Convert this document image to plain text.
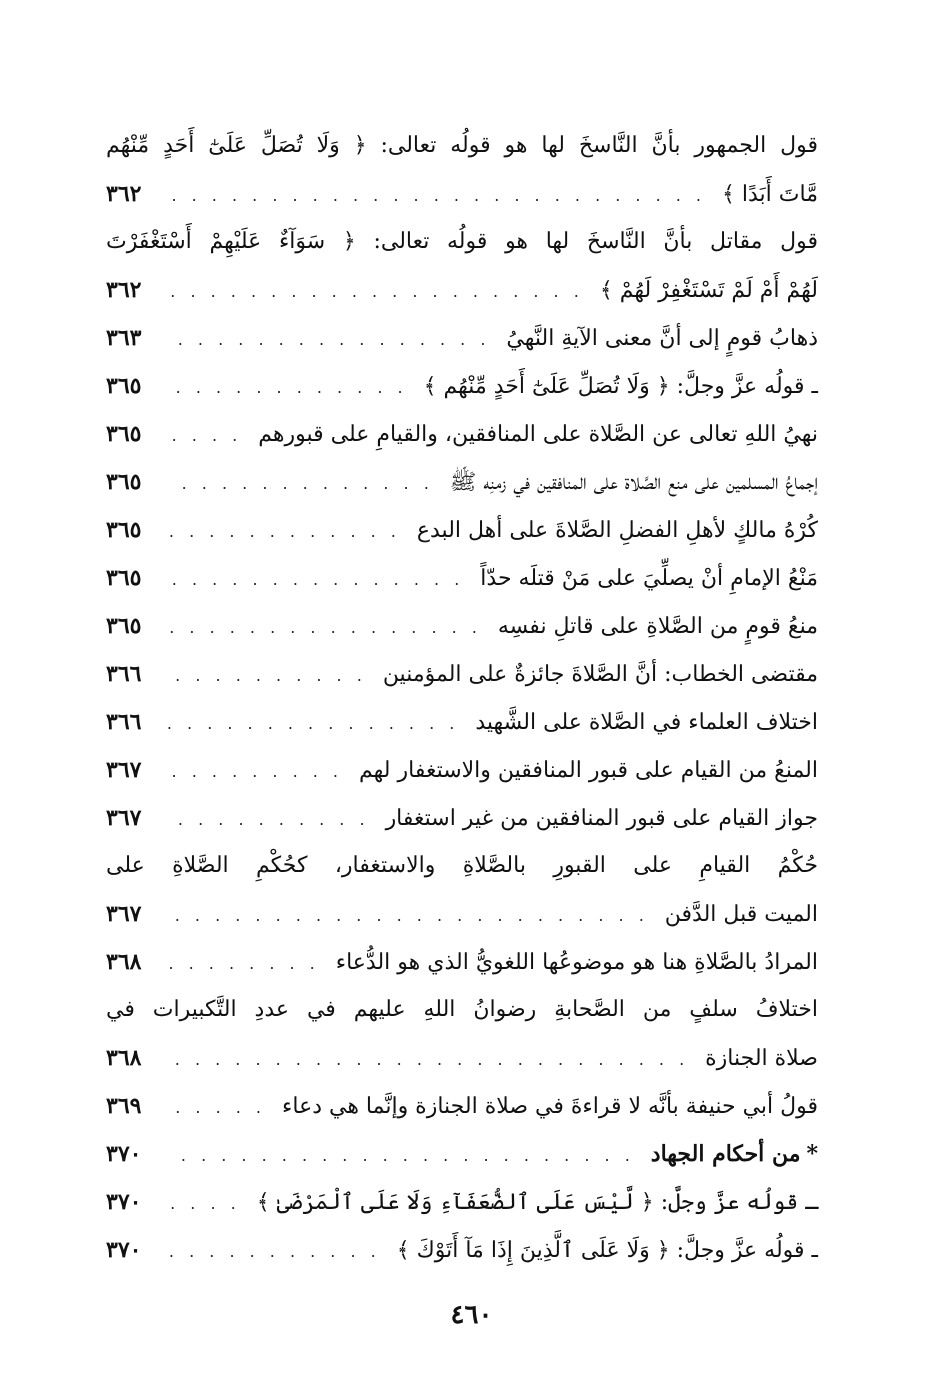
قول الجمهور بأنَّ النَّاسخَ لها هو قولُه تعالى: ﴿ وَلَا تُصَلِّ عَلَىٰٓ أَحَدٍ مِّنْهُم
مَّاتَ أَبَدًا ﴾
. . .
٣٦٢
قول مقاتل بأنَّ النَّاسخَ لها هو قولُه تعالى: ﴿ سَوَآءٌ عَلَيْهِمْ أَسْتَغْفَرْتَ
لَهُمْ أَمْ لَمْ تَسْتَغْفِرْ لَهُمْ ﴾
. . .
٣٦٢
ذهابُ قومٍ إلى أنَّ معنى الآيةِ النَّهيُ
. . .
٣٦٣
ـ قولُه عزَّ وجلَّ: ﴿ وَلَا تُصَلِّ عَلَىٰٓ أَحَدٍ مِّنْهُم ﴾
. . .
٣٦٥
نهيُ اللهِ تعالى عن الصَّلاة على المنافقين، والقيامِ على قبورهم
. . .
٣٦٥
إجماعُ المسلمين على منع الصَّلاة على المنافقين في زمنِه ﷺ
. . .
٣٦٥
كُرْهُ مالكٍ لأهلِ الفضلِ الصَّلاةَ على أهل البدع
. . .
٣٦٥
مَنْعُ الإمامِ أنْ يصلِّيَ على مَنْ قتلَه حدّاً
. . .
٣٦٥
منعُ قومٍ من الصَّلاةِ على قاتلِ نفسِه
. . .
٣٦٥
مقتضى الخطاب: أنَّ الصَّلاةَ جائزةٌ على المؤمنين
. . .
٣٦٦
اختلاف العلماء في الصَّلاة على الشَّهيد
. . .
٣٦٦
المنعُ من القيام على قبور المنافقين والاستغفار لهم
. . .
٣٦٧
جواز القيام على قبور المنافقين من غير استغفار
. . .
٣٦٧
حُكْمُ القيامِ على القبورِ بالصَّلاةِ والاستغفار، كحُكْمِ الصَّلاةِ على
الميت قبل الدَّفن
. . .
٣٦٧
المرادُ بالصَّلاةِ هنا هو موضوعُها اللغويُّ الذي هو الدُّعاء
. . .
٣٦٨
اختلافُ سلفٍ من الصَّحابةِ رضوانُ اللهِ عليهم في عددِ التَّكبيرات في
صلاة الجنازة
. . .
٣٦٨
قولُ أبي حنيفة بأنَّه لا قراءةَ في صلاة الجنازة وإنَّما هي دعاء
. . .
٣٦٩
*
من أحكام الجهاد
. . .
٣٧٠
ـ قولُه عزَّ وجلَّ: ﴿ لَّيْسَ عَلَى ٱلضُّعَفَآءِ وَلَا عَلَى ٱلْمَرْضَىٰ ﴾
. . .
٣٧٠
ـ قولُه عزَّ وجلَّ: ﴿ وَلَا عَلَى ٱلَّذِينَ إِذَا مَآ أَتَوْكَ ﴾
. . .
٣٧٠
٤٦٠
